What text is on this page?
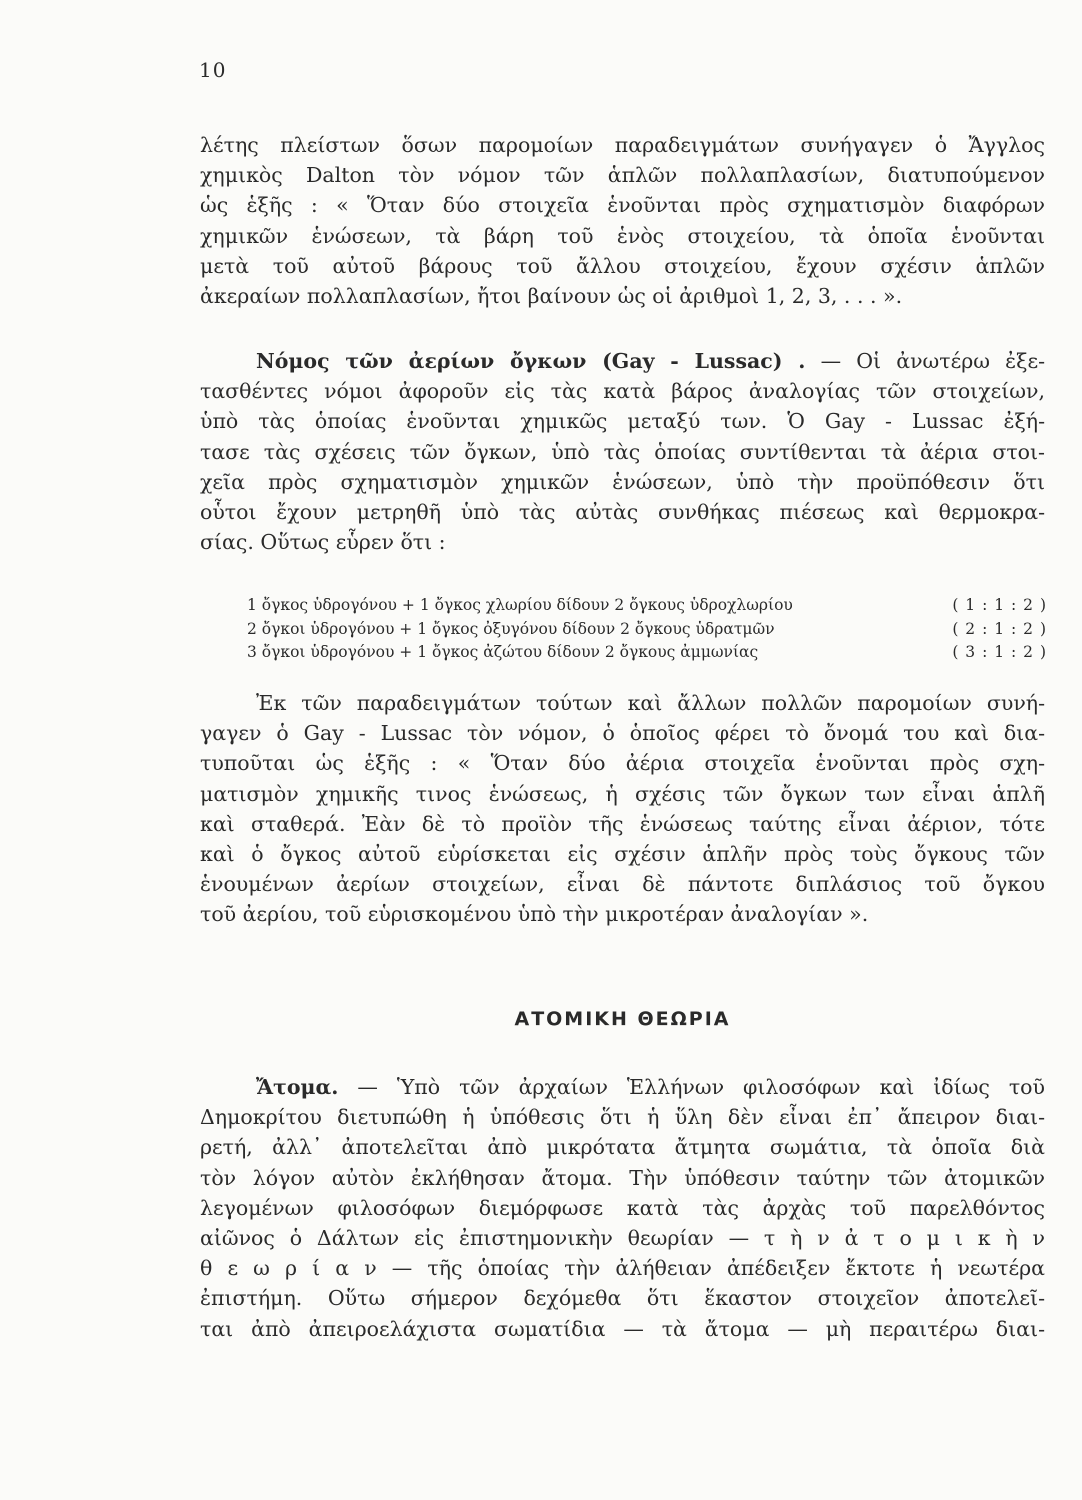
10
λέτης πλείστων ὅσων παρομοίων παραδειγμάτων συνήγαγεν ὁ Ἄγγλος
χημικὸς Dalton τὸν νόμον τῶν ἁπλῶν πολλαπλασίων, διατυπούμενον
ὡς ἑξῆς : « Ὅταν δύο στοιχεῖα ἑνοῦνται πρὸς σχηματισμὸν διαφόρων
χημικῶν ἑνώσεων, τὰ βάρη τοῦ ἑνὸς στοιχείου, τὰ ὁποῖα ἑνοῦνται
μετὰ τοῦ αὐτοῦ βάρους τοῦ ἄλλου στοιχείου, ἔχουν σχέσιν ἁπλῶν
ἀκεραίων πολλαπλασίων, ἤτοι βαίνουν ὡς οἱ ἀριθμοὶ 1, 2, 3, . . . ».
Νόμος τῶν ἀερίων ὄγκων (Gay - Lussac) . — Οἱ ἀνωτέρω ἐξε-
τασθέντες νόμοι ἀφοροῦν εἰς τὰς κατὰ βάρος ἀναλογίας τῶν στοιχείων,
ὑπὸ τὰς ὁποίας ἑνοῦνται χημικῶς μεταξύ των. Ὁ Gay - Lussac ἐξή-
τασε τὰς σχέσεις τῶν ὄγκων, ὑπὸ τὰς ὁποίας συντίθενται τὰ ἀέρια στοι-
χεῖα πρὸς σχηματισμὸν χημικῶν ἑνώσεων, ὑπὸ τὴν προϋπόθεσιν ὅτι
οὗτοι ἔχουν μετρηθῆ ὑπὸ τὰς αὐτὰς συνθήκας πιέσεως καὶ θερμοκρα-
σίας. Οὕτως εὗρεν ὅτι :
1 ὄγκος ὑδρογόνου + 1 ὄγκος χλωρίου δίδουν 2 ὄγκους ὑδροχλωρίου	( 1 : 1 : 2 )
2 ὄγκοι ὑδρογόνου + 1 ὄγκος ὀξυγόνου δίδουν 2 ὄγκους ὑδρατμῶν	( 2 : 1 : 2 )
3 ὄγκοι ὑδρογόνου + 1 ὄγκος ἀζώτου δίδουν 2 ὄγκους ἀμμωνίας	( 3 : 1 : 2 )
Ἐκ τῶν παραδειγμάτων τούτων καὶ ἄλλων πολλῶν παρομοίων συνή-
γαγεν ὁ Gay - Lussac τὸν νόμον, ὁ ὁποῖος φέρει τὸ ὄνομά του καὶ δια-
τυποῦται ὡς ἑξῆς : « Ὅταν δύο ἀέρια στοιχεῖα ἑνοῦνται πρὸς σχη-
ματισμὸν χημικῆς τινος ἑνώσεως, ἡ σχέσις τῶν ὄγκων των εἶναι ἁπλῆ
καὶ σταθερά. Ἐὰν δὲ τὸ προϊὸν τῆς ἑνώσεως ταύτης εἶναι ἀέριον, τότε
καὶ ὁ ὄγκος αὐτοῦ εὑρίσκεται εἰς σχέσιν ἁπλῆν πρὸς τοὺς ὄγκους τῶν
ἑνουμένων ἀερίων στοιχείων, εἶναι δὲ πάντοτε διπλάσιος τοῦ ὄγκου
τοῦ ἀερίου, τοῦ εὑρισκομένου ὑπὸ τὴν μικροτέραν ἀναλογίαν ».
ΑΤΟΜΙΚΗ ΘΕΩΡΙΑ
Ἄτομα. — Ὑπὸ τῶν ἀρχαίων Ἑλλήνων φιλοσόφων καὶ ἰδίως τοῦ
Δημοκρίτου διετυπώθη ἡ ὑπόθεσις ὅτι ἡ ὕλη δὲν εἶναι ἐπ᾽ ἄπειρον διαι-
ρετή, ἀλλ᾽ ἀποτελεῖται ἀπὸ μικρότατα ἄτμητα σωμάτια, τὰ ὁποῖα διὰ
τὸν λόγον αὐτὸν ἐκλήθησαν ἄτομα. Τὴν ὑπόθεσιν ταύτην τῶν ἀτομικῶν
λεγομένων φιλοσόφων διεμόρφωσε κατὰ τὰς ἀρχὰς τοῦ παρελθόντος
αἰῶνος ὁ Δάλτων εἰς ἐπιστημονικὴν θεωρίαν — τ ὴ ν ἀ τ ο μ ι κ ὴ ν
θ ε ω ρ ί α ν — τῆς ὁποίας τὴν ἀλήθειαν ἀπέδειξεν ἔκτοτε ἡ νεωτέρα
ἐπιστήμη. Οὕτω σήμερον δεχόμεθα ὅτι ἕκαστον στοιχεῖον ἀποτελεῖ-
ται ἀπὸ ἀπειροελάχιστα σωματίδια — τὰ ἄτομα — μὴ περαιτέρω διαι-
